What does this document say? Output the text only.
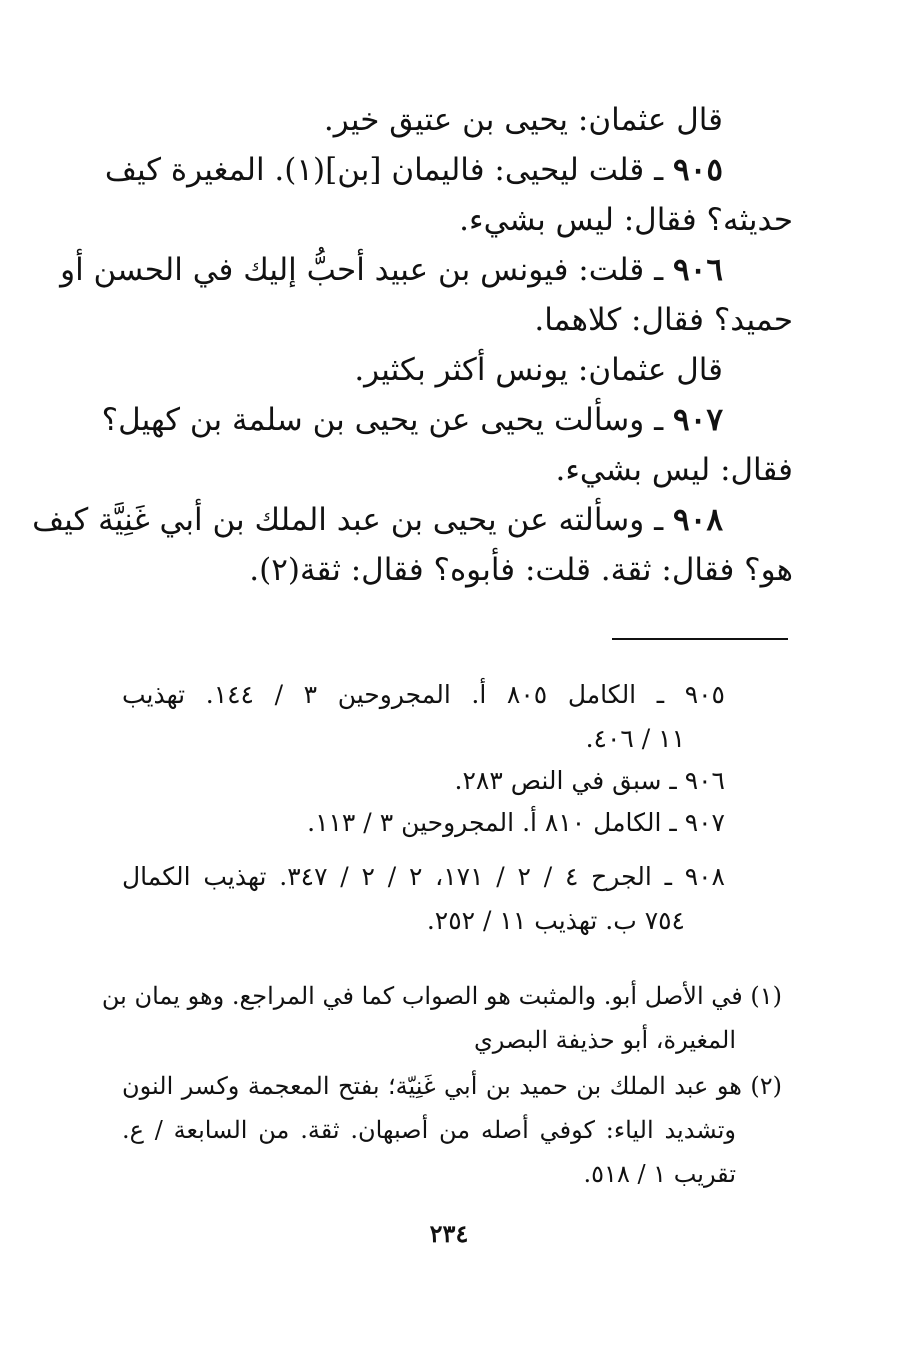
قال عثمان: يحيى بن عتيق خير.
٩٠٥ ـ قلت ليحيى: فاليمان [بن](١). المغيرة كيف
حديثه؟ فقال: ليس بشيء.
٩٠٦ ـ قلت: فيونس بن عبيد أحبُّ إليك في الحسن أو
حميد؟ فقال: كلاهما.
قال عثمان: يونس أكثر بكثير.
٩٠٧ ـ وسألت يحيى عن يحيى بن سلمة بن كهيل؟
فقال: ليس بشيء.
٩٠٨ ـ وسألته عن يحيى بن عبد الملك بن أبي غَنِيَّة كيف
هو؟ فقال: ثقة. قلت: فأبوه؟ فقال: ثقة(٢).
٩٠٥ ـ الكامل ٨٠٥ أ. المجروحين ٣ / ١٤٤. تهذيب
١١ / ٤٠٦.
٩٠٦ ـ سبق في النص ٢٨٣.
٩٠٧ ـ الكامل ٨١٠ أ. المجروحين ٣ / ١١٣.
٩٠٨ ـ الجرح ٤ / ٢ / ١٧١، ٢ / ٢ / ٣٤٧. تهذيب الكمال
٧٥٤ ب. تهذيب ١١ / ٢٥٢.
(١) في الأصل أبو. والمثبت هو الصواب كما في المراجع. وهو يمان بن
المغيرة، أبو حذيفة البصري
(٢) هو عبد الملك بن حميد بن أبي غَنِيّة؛ بفتح المعجمة وكسر النون
وتشديد الياء: كوفي أصله من أصبهان. ثقة. من السابعة / ع.
تقريب ١ / ٥١٨.
٢٣٤
